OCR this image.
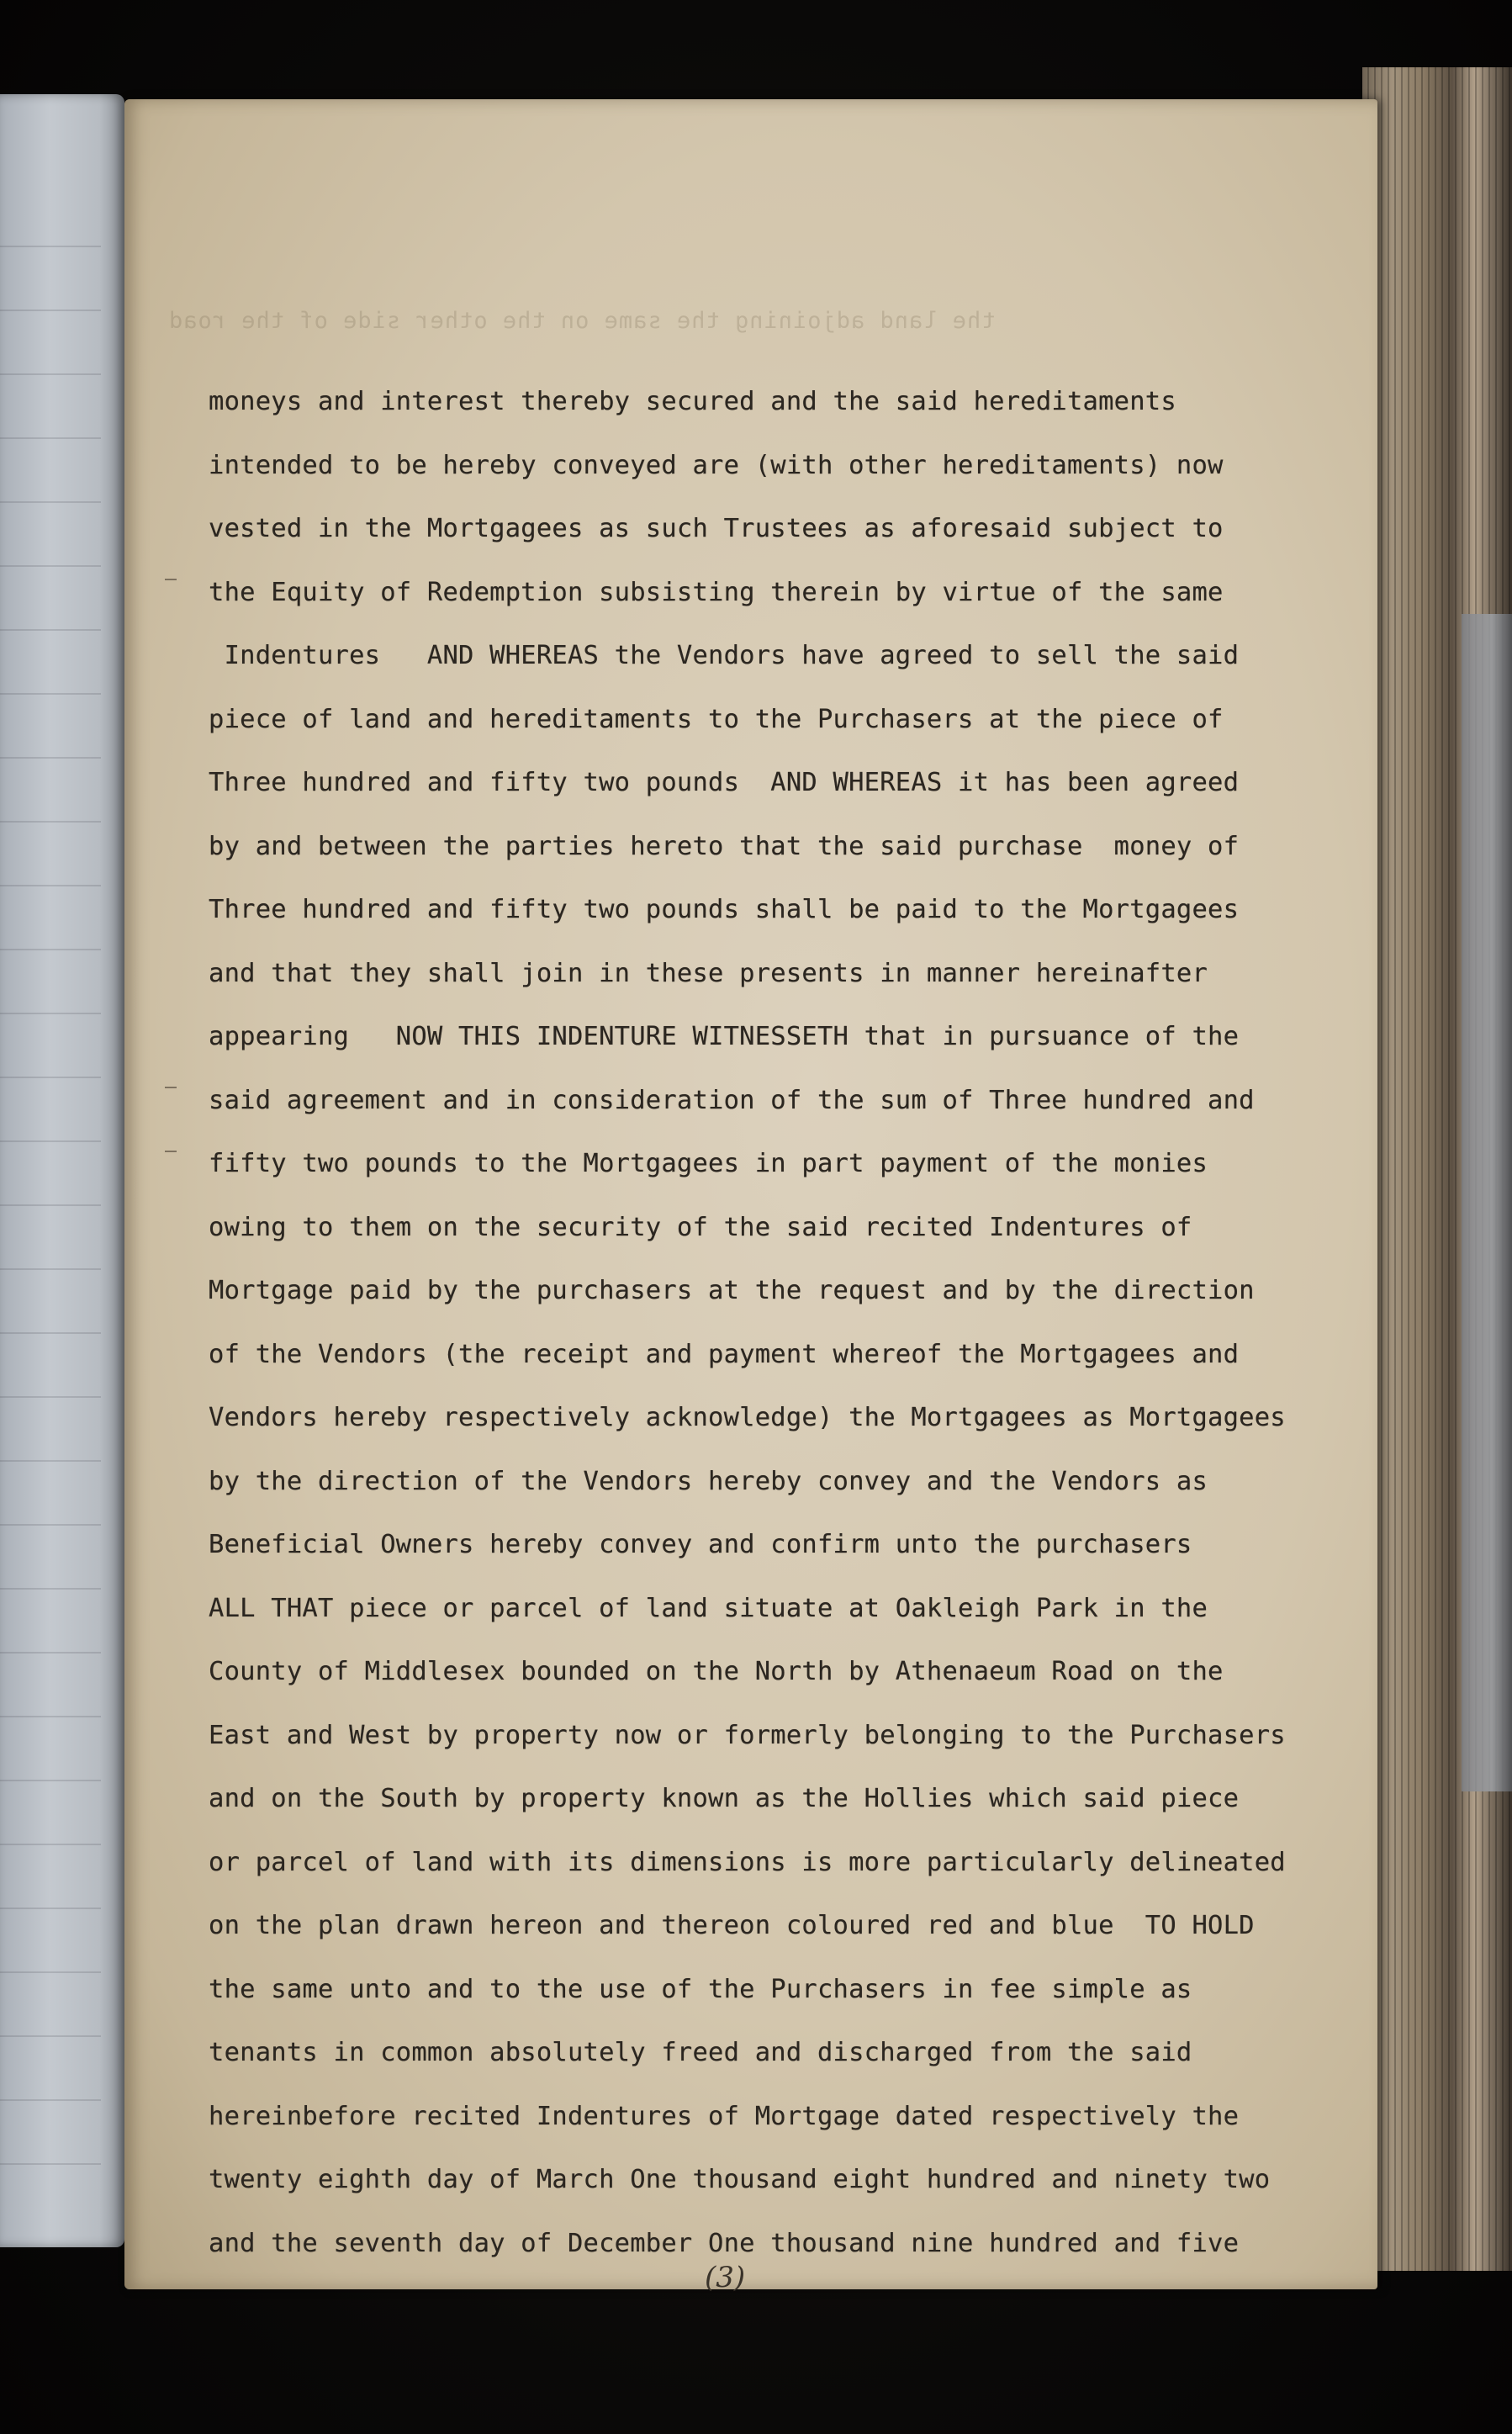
the land adjoining the same on the other side of the road
moneys and interest thereby secured and the said hereditaments
intended to be hereby conveyed are (with other hereditaments) now
vested in the Mortgagees as such Trustees as aforesaid subject to
the Equity of Redemption subsisting therein by virtue of the same
Indentures   AND WHEREAS the Vendors have agreed to sell the said
piece of land and hereditaments to the Purchasers at the piece of
Three hundred and fifty two pounds  AND WHEREAS it has been agreed
by and between the parties hereto that the said purchase  money of
Three hundred and fifty two pounds shall be paid to the Mortgagees
and that they shall join in these presents in manner hereinafter
appearing   NOW THIS INDENTURE WITNESSETH that in pursuance of the
said agreement and in consideration of the sum of Three hundred and
fifty two pounds to the Mortgagees in part payment of the monies
owing to them on the security of the said recited Indentures of
Mortgage paid by the purchasers at the request and by the direction
of the Vendors (the receipt and payment whereof the Mortgagees and
Vendors hereby respectively acknowledge) the Mortgagees as Mortgagees
by the direction of the Vendors hereby convey and the Vendors as
Beneficial Owners hereby convey and confirm unto the purchasers
ALL THAT piece or parcel of land situate at Oakleigh Park in the
County of Middlesex bounded on the North by Athenaeum Road on the
East and West by property now or formerly belonging to the Purchasers
and on the South by property known as the Hollies which said piece
or parcel of land with its dimensions is more particularly delineated
on the plan drawn hereon and thereon coloured red and blue  TO HOLD
the same unto and to the use of the Purchasers in fee simple as
tenants in common absolutely freed and discharged from the said
hereinbefore recited Indentures of Mortgage dated respectively the
twenty eighth day of March One thousand eight hundred and ninety two
and the seventh day of December One thousand nine hundred and five
(3)
